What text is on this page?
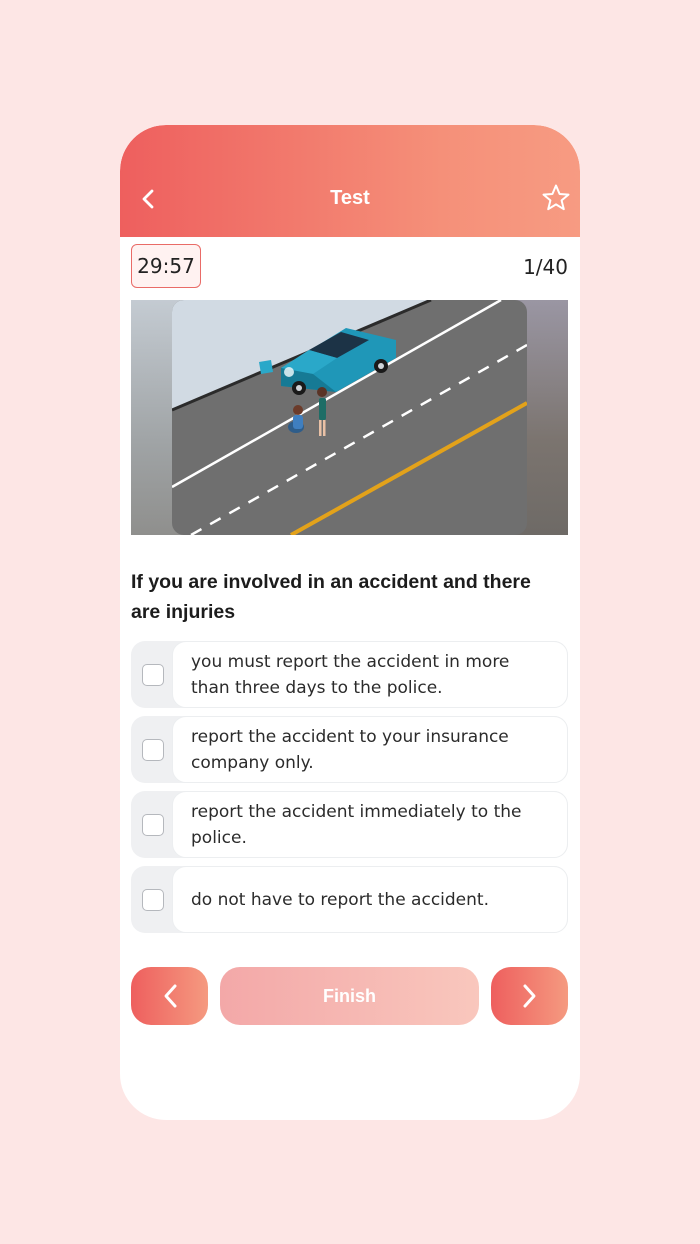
Test
29:57	1/40
If you are involved in an accident and there are injuries
you must report the accident in more than three days to the police.
report the accident to your insurance company only.
report the accident immediately to the police.
do not have to report the accident.
Finish
